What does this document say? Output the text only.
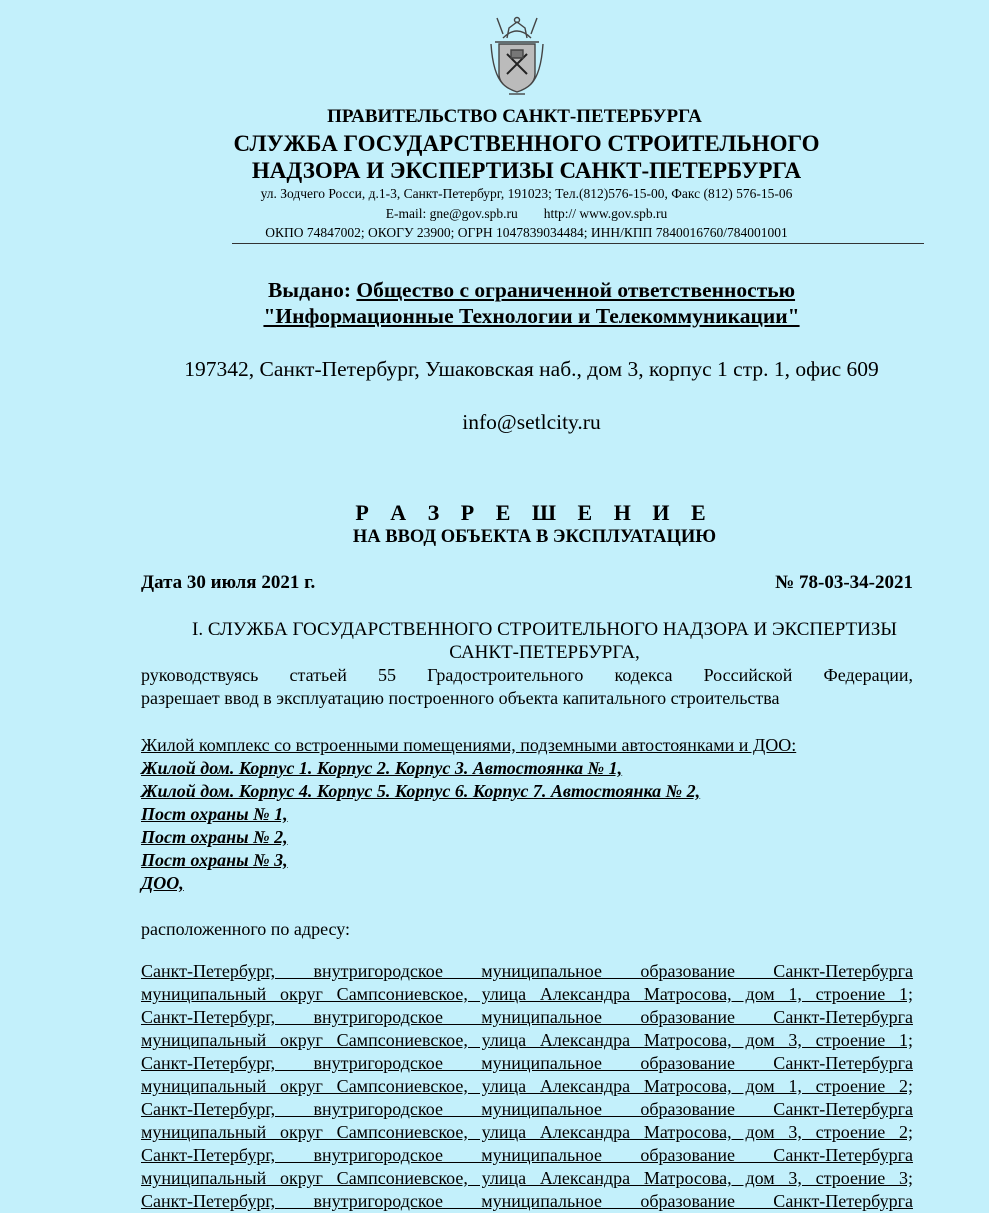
ПРАВИТЕЛЬСТВО САНКТ-ПЕТЕРБУРГА
СЛУЖБА ГОСУДАРСТВЕННОГО СТРОИТЕЛЬНОГО
НАДЗОРА И ЭКСПЕРТИЗЫ САНКТ-ПЕТЕРБУРГА
ул. Зодчего Росси, д.1-3, Санкт-Петербург, 191023; Тел.(812)576-15-00, Факс (812) 576-15-06
E-mail: gne@gov.spb.ru http:// www.gov.spb.ru
ОКПО 74847002; ОКОГУ 23900; ОГРН 1047839034484; ИНН/КПП 7840016760/784001001
Выдано: Общество с ограниченной ответственностью
"Информационные Технологии и Телекоммуникации"
197342, Санкт-Петербург, Ушаковская наб., дом 3, корпус 1 стр. 1, офис 609
info@setlcity.ru
Р А З Р Е Ш Е Н И Е
НА ВВОД ОБЪЕКТА В ЭКСПЛУАТАЦИЮ
Дата 30 июля 2021 г.	№ 78-03-34-2021
I. СЛУЖБА ГОСУДАРСТВЕННОГО СТРОИТЕЛЬНОГО НАДЗОРА И ЭКСПЕРТИЗЫ
САНКТ-ПЕТЕРБУРГА,
руководствуясь статьей 55 Градостроительного кодекса Российской Федерации,
разрешает ввод в эксплуатацию построенного объекта капитального строительства
Жилой комплекс со встроенными помещениями, подземными автостоянками и ДОО:
Жилой дом. Корпус 1. Корпус 2. Корпус 3. Автостоянка № 1,
Жилой дом. Корпус 4. Корпус 5. Корпус 6. Корпус 7. Автостоянка № 2,
Пост охраны № 1,
Пост охраны № 2,
Пост охраны № 3,
ДОО,
расположенного по адресу:
Санкт-Петербург, внутригородское муниципальное образование Санкт-Петербурга
муниципальный округ Сампсониевское, улица Александра Матросова, дом 1, строение 1;
Санкт-Петербург, внутригородское муниципальное образование Санкт-Петербурга
муниципальный округ Сампсониевское, улица Александра Матросова, дом 3, строение 1;
Санкт-Петербург, внутригородское муниципальное образование Санкт-Петербурга
муниципальный округ Сампсониевское, улица Александра Матросова, дом 1, строение 2;
Санкт-Петербург, внутригородское муниципальное образование Санкт-Петербурга
муниципальный округ Сампсониевское, улица Александра Матросова, дом 3, строение 2;
Санкт-Петербург, внутригородское муниципальное образование Санкт-Петербурга
муниципальный округ Сампсониевское, улица Александра Матросова, дом 3, строение 3;
Санкт-Петербург, внутригородское муниципальное образование Санкт-Петербурга
